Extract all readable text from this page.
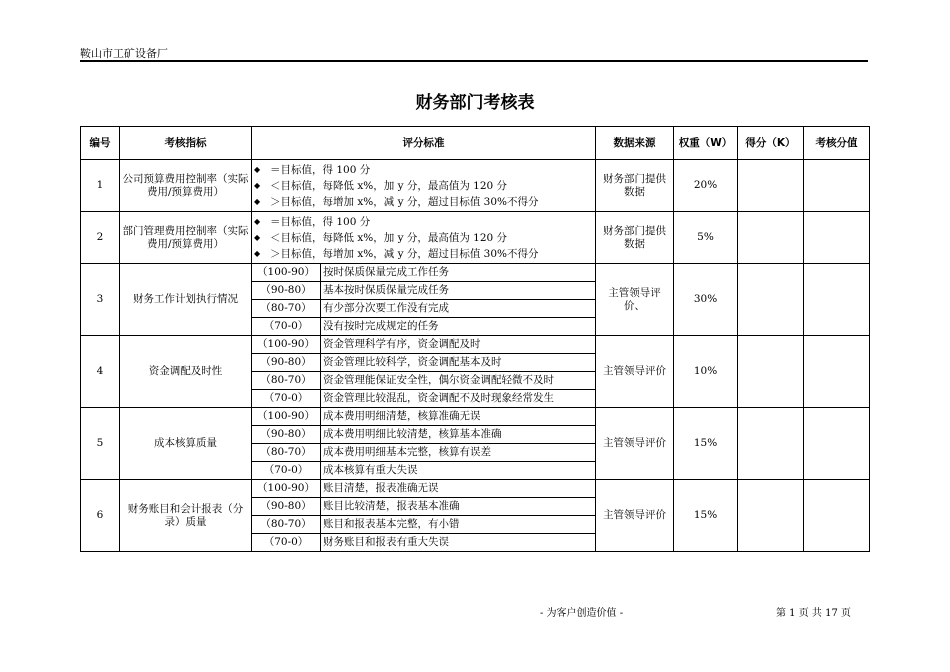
鞍山市工矿设备厂
财务部门考核表
编号	考核指标	评分标准		数据来源	权重（W）	得分（K）	考核分值
1	公司预算费用控制率（实际费用/预算费用）	◆ ＝目标值，得 100 分
◆ ＜目标值，每降低 x%，加 y 分，最高值为 120 分
◆ ＞目标值，每增加 x%，减 y 分，超过目标值 30%不得分		财务部门提供数据	20%		
2	部门管理费用控制率（实际费用/预算费用）	◆ ＝目标值，得 100 分
◆ ＜目标值，每降低 x%，加 y 分，最高值为 120 分
◆ ＞目标值，每增加 x%，减 y 分，超过目标值 30%不得分		财务部门提供数据	5%		
3	财务工作计划执行情况	（100-90）	按时保质保量完成工作任务	主管领导评价、	30%		
		（90-80）	基本按时保质保量完成任务				
		（80-70）	有少部分次要工作没有完成				
		（70-0）	没有按时完成规定的任务				
4	资金调配及时性	（100-90）	资金管理科学有序，资金调配及时	主管领导评价	10%		
		（90-80）	资金管理比较科学，资金调配基本及时				
		（80-70）	资金管理能保证安全性，偶尔资金调配轻微不及时				
		（70-0）	资金管理比较混乱，资金调配不及时现象经常发生				
5	成本核算质量	（100-90）	成本费用明细清楚，核算准确无误	主管领导评价	15%		
		（90-80）	成本费用明细比较清楚，核算基本准确				
		（80-70）	成本费用明细基本完整，核算有误差				
		（70-0）	成本核算有重大失误				
6	财务账目和会计报表（分录）质量	（100-90）	账目清楚，报表准确无误	主管领导评价	15%		
		（90-80）	账目比较清楚，报表基本准确				
		（80-70）	账目和报表基本完整，有小错				
		（70-0）	财务账目和报表有重大失误				
- 为客户创造价值 -	第 1 页 共 17 页
